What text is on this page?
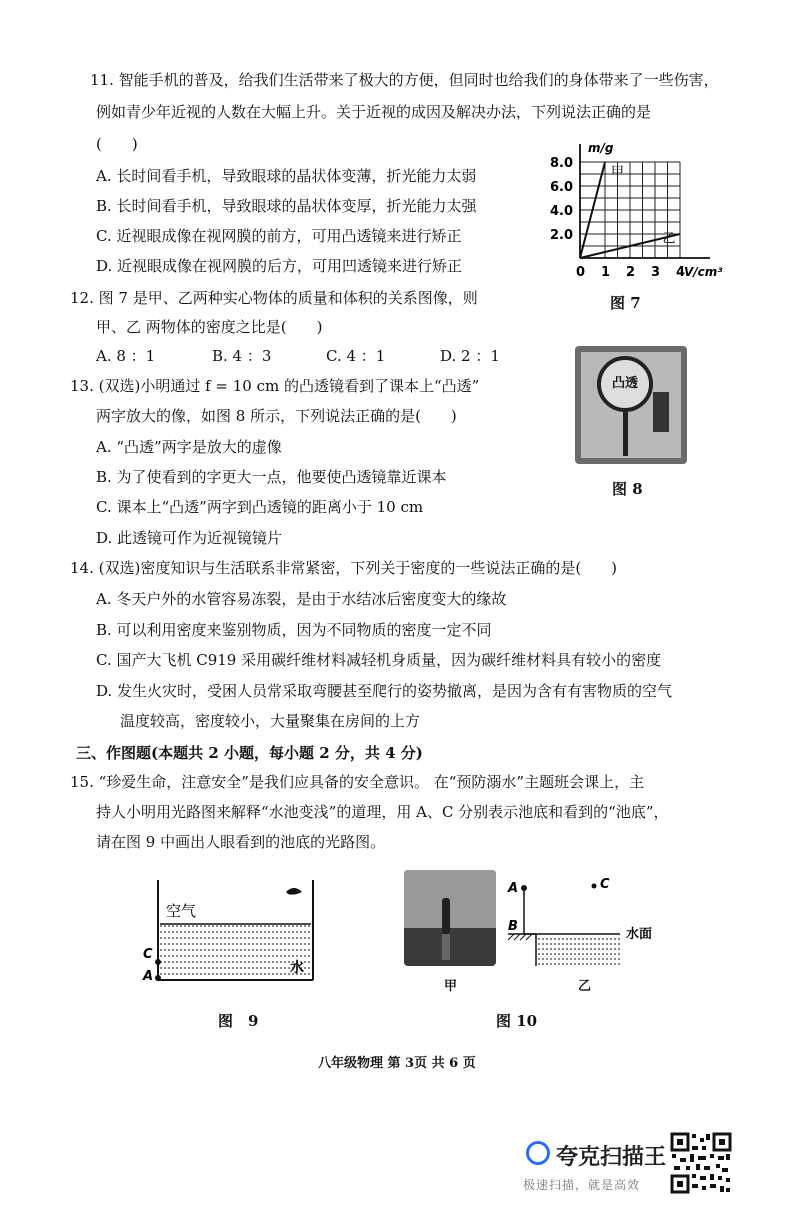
11. 智能手机的普及，给我们生活带来了极大的方便，但同时也给我们的身体带来了一些伤害，
例如青少年近视的人数在大幅上升。关于近视的成因及解决办法，下列说法正确的是
(　　)
A. 长时间看手机，导致眼球的晶状体变薄，折光能力太弱
B. 长时间看手机，导致眼球的晶状体变厚，折光能力太强
C. 近视眼成像在视网膜的前方，可用凸透镜来进行矫正
D. 近视眼成像在视网膜的后方，可用凹透镜来进行矫正
8.0
6.0
4.0
2.0
0 1 2 3 4
m/g
V/cm³
甲
乙
图 7
12. 图 7 是甲、乙两种实心物体的质量和体积的关系图像，则
甲、乙 两物体的密度之比是(　　)
A. 8 ：1	B. 4 ：3	C. 4 ：1	D. 2 ：1
凸透
图 8
13. (双选)小明通过 f = 10 cm 的凸透镜看到了课本上“凸透”
两字放大的像，如图 8 所示，下列说法正确的是(　　)
A. “凸透”两字是放大的虚像
B. 为了使看到的字更大一点，他要使凸透镜靠近课本
C. 课本上“凸透”两字到凸透镜的距离小于 10 cm
D. 此透镜可作为近视镜镜片
14. (双选)密度知识与生活联系非常紧密，下列关于密度的一些说法正确的是(　　)
A. 冬天户外的水管容易冻裂，是由于水结冰后密度变大的缘故
B. 可以利用密度来鉴别物质，因为不同物质的密度一定不同
C. 国产大飞机 C919 采用碳纤维材料减轻机身质量，因为碳纤维材料具有较小的密度
D. 发生火灾时，受困人员常采取弯腰甚至爬行的姿势撤离，是因为含有有害物质的空气
温度较高，密度较小，大量聚集在房间的上方
三、作图题(本题共 2 小题，每小题 2 分，共 4 分)
15. “珍爱生命，注意安全”是我们应具备的安全意识。 在“预防溺水”主题班会课上，主
持人小明用光路图来解释“水池变浅”的道理，用 A、C 分别表示池底和看到的“池底”，
请在图 9 中画出人眼看到的池底的光路图。
空气
水
C
A
图　9
甲
A
B
C
水面
乙
图 10
八年级物理 第 3页 共 6 页
夸克扫描王
极速扫描，就是高效
